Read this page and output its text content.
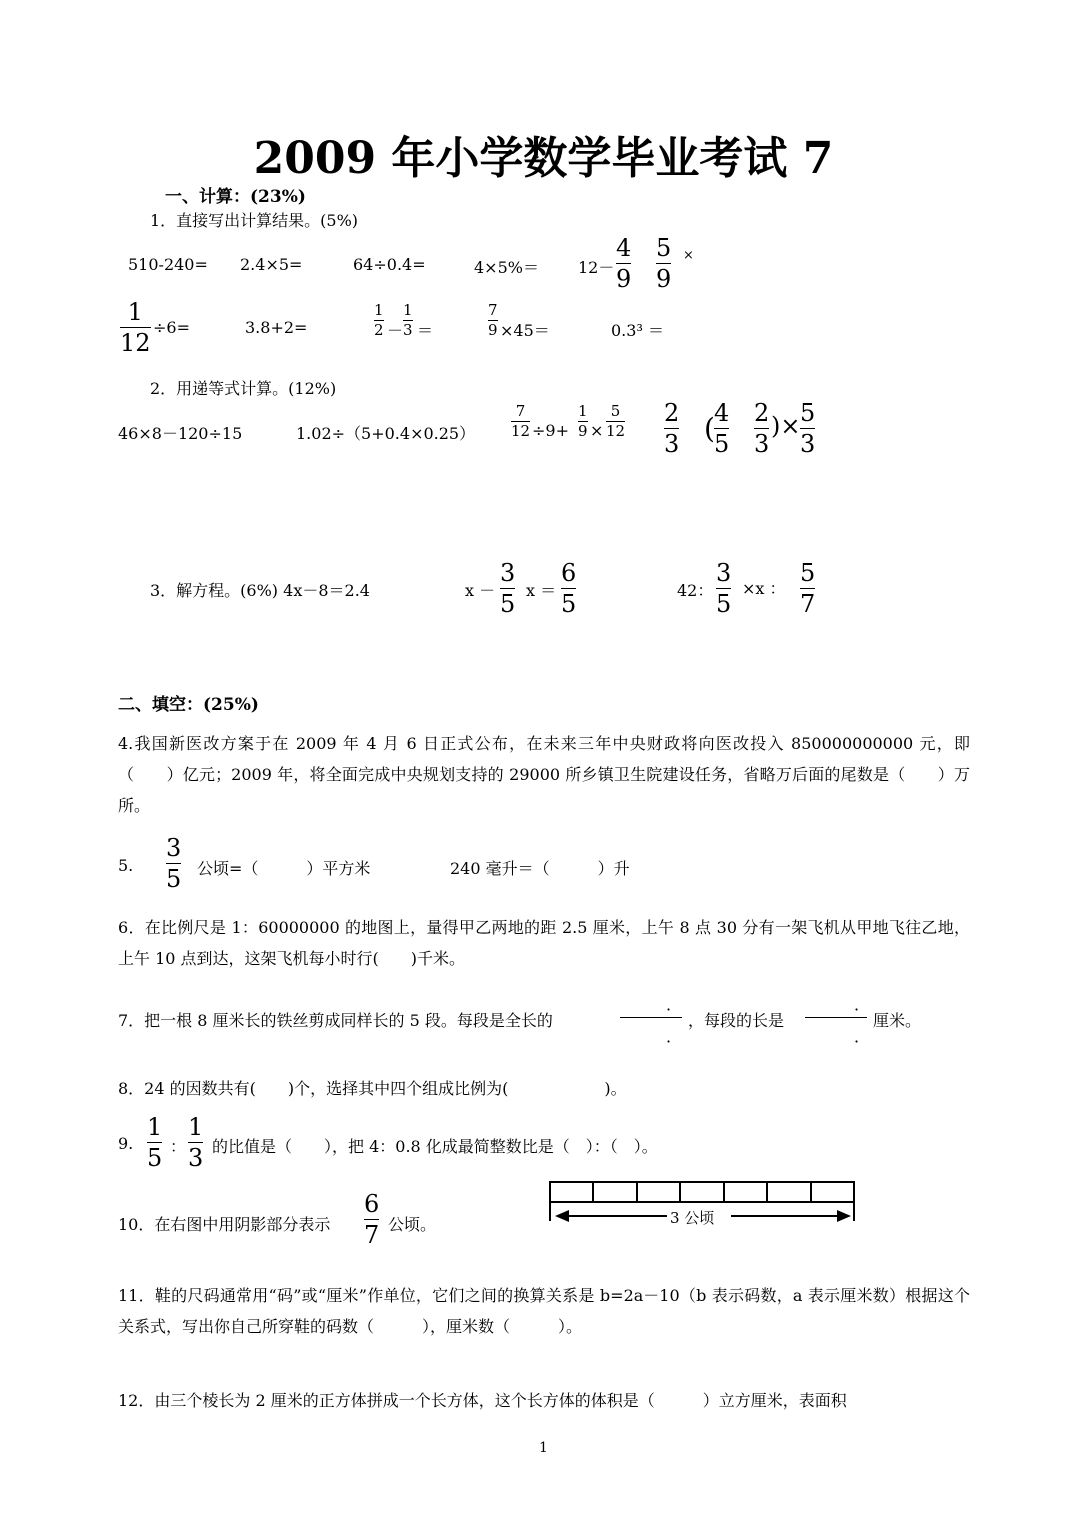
2009 年小学数学毕业考试 7
一、计算：(23%)
1．直接写出计算结果。(5%)
510-240= 2.4×5=	64÷0.4=	4×5%＝ 12－
4
9
5
9
×
1
12
÷6=	3.8+2=
1
2 －
1
3 ＝
7
9 ×45＝	0.3³ ＝
2．用递等式计算。(12%)
46×8－120÷15	1.02÷（5+0.4×0.25）
7
12 ÷9+
1
9 ×
5
12
2
3 ( 4
5
2
3
)× 5
3
3．解方程。(6%) 4x－8＝2.4	x －
3
5 x ＝
6
5	42：
3
5
×x ：
5
7
二、填空：(25%)
4.我国新医改方案于在 2009 年 4 月 6 日正式公布，在未来三年中央财政将向医改投入 850000000000 元，即（　　）亿元；2009 年，将全面完成中央规划支持的 29000 所乡镇卫生院建设任务，省略万后面的尾数是（　　）万所。
5.
3
5 公顷=（　　　）平方米	240 毫升＝（　　　）升
6．在比例尺是 1：60000000 的地图上，量得甲乙两地的距 2.5 厘米，上午 8 点 30 分有一架飞机从甲地飞往乙地，上午 10 点到达，这架飞机每小时行(　　)千米。
7．把一根 8 厘米长的铁丝剪成同样长的 5 段。每段是全长的
·
·
，每段的长是
·
·
厘米。
8．24 的因数共有(　　)个，选择其中四个组成比例为(　　　　　　)。
9.
1
5 ：
1
3 的比值是（　　），把 4：0.8 化成最简整数比是（　）：（　）。
10．在右图中用阴影部分表示
6
7 公顷。	3 公顷
11．鞋的尺码通常用“码”或“厘米”作单位，它们之间的换算关系是 b=2a－10（b 表示码数，a 表示厘米数）根据这个关系式，写出你自己所穿鞋的码数（　　　），厘米数（　　　）。
12．由三个棱长为 2 厘米的正方体拼成一个长方体，这个长方体的体积是（　　　）立方厘米，表面积
1
